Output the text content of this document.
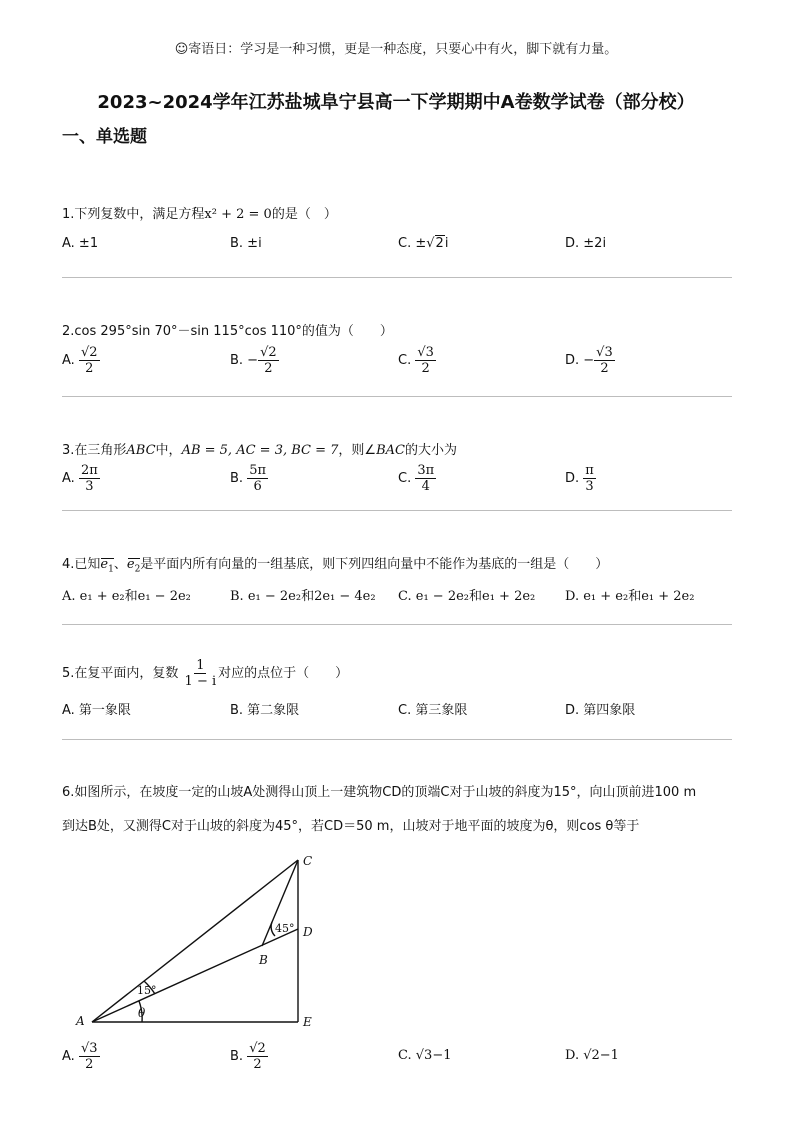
☺寄语日：学习是一种习惯，更是一种态度，只要心中有火，脚下就有力量。
2023~2024学年江苏盐城阜宁县高一下学期期中A卷数学试卷（部分校）
一、单选题
1.下列复数中，满足方程x² + 2 = 0的是（　）
A. ±1	B. ±i	C. ±√2i	D. ±2i
2.cos 295°sin 70°－sin 115°cos 110°的值为（　　）
A. $\frac{√2}{2}$	B. − $\frac{√2}{2}$	C. $\frac{√3}{2}$	D. − $\frac{√3}{2}$
3.在三角形ABC中，AB = 5, AC = 3, BC = 7，则∠BAC的大小为
A. $\frac{2\pi}{3}$	B. $\frac{5\pi}{6}$	C. $\frac{3\pi}{4}$	D. $\frac{\pi}{3}$
4.已知$e_1$、$e_2$是平面内所有向量的一组基底，则下列四组向量中不能作为基底的一组是（　　）
A. e₁ + e₂和e₁ − 2e₂	B. e₁ − 2e₂和2e₁ − 4e₂ C. e₁ − 2e₂和e₁ + 2e₂ D. e₁ + e₂和e₁ + 2e₂
5.在复平面内，复数 $\frac{1}{1 - i}$ 对应的点位于（　　）
A. 第一象限	B. 第二象限	C. 第三象限	D. 第四象限
6.如图所示，在坡度一定的山坡A处测得山顶上一建筑物CD的顶端C对于山坡的斜度为15°，向山顶前进100 m
到达B处，又测得C对于山坡的斜度为45°，若CD＝50 m，山坡对于地平面的坡度为θ，则cos θ等于
A
B
C
D
E
θ
15°
45°
A. $\frac{√3}{2}$	B. $\frac{√2}{2}$	C. √3−1	D. √2−1
